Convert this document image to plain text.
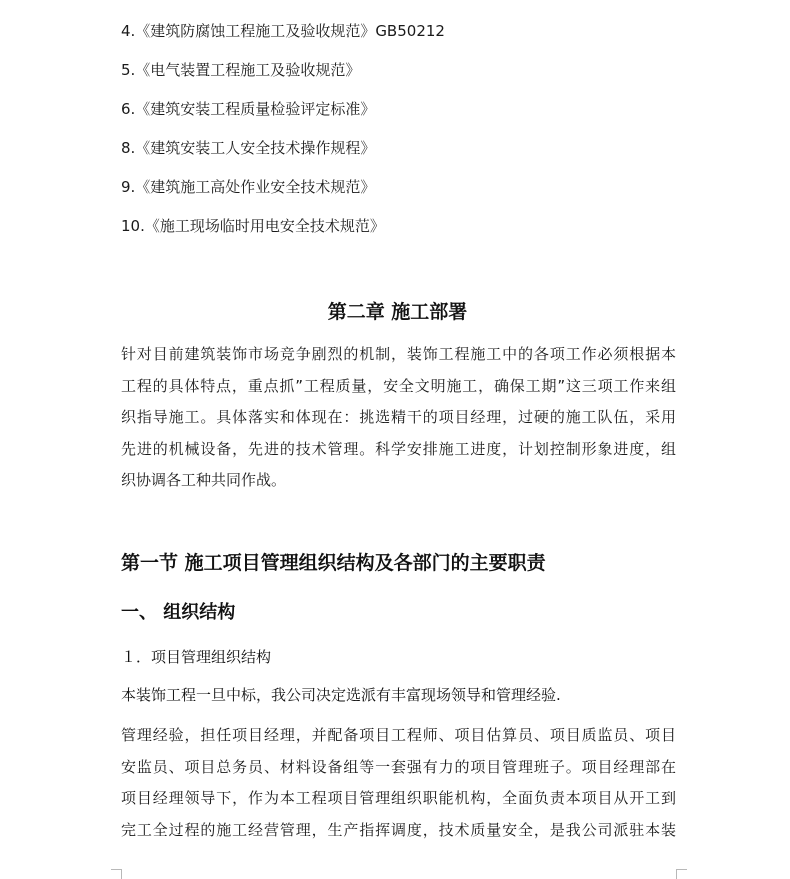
4.《建筑防腐蚀工程施工及验收规范》GB50212
5.《电气装置工程施工及验收规范》
6.《建筑安装工程质量检验评定标准》
8.《建筑安装工人安全技术操作规程》
9.《建筑施工高处作业安全技术规范》
10.《施工现场临时用电安全技术规范》
第二章 施工部署

针对目前建筑装饰市场竞争剧烈的机制，装饰工程施工中的各项工作必须根据本
工程的具体特点，重点抓”工程质量，安全文明施工，确保工期”这三项工作来组
织指导施工。具体落实和体现在：挑选精干的项目经理，过硬的施工队伍，采用
先进的机械设备，先进的技术管理。科学安排施工进度，计划控制形象进度，组
织协调各工种共同作战。

第一节 施工项目管理组织结构及各部门的主要职责
一、 组织结构
１．项目管理组织结构
本装饰工程一旦中标，我公司决定选派有丰富现场领导和管理经验.

管理经验，担任项目经理，并配备项目工程师、项目估算员、项目质监员、项目
安监员、项目总务员、材料设备组等一套强有力的项目管理班子。项目经理部在
项目经理领导下，作为本工程项目管理组织职能机构，全面负责本项目从开工到
完工全过程的施工经营管理，生产指挥调度，技术质量安全，是我公司派驻本装
